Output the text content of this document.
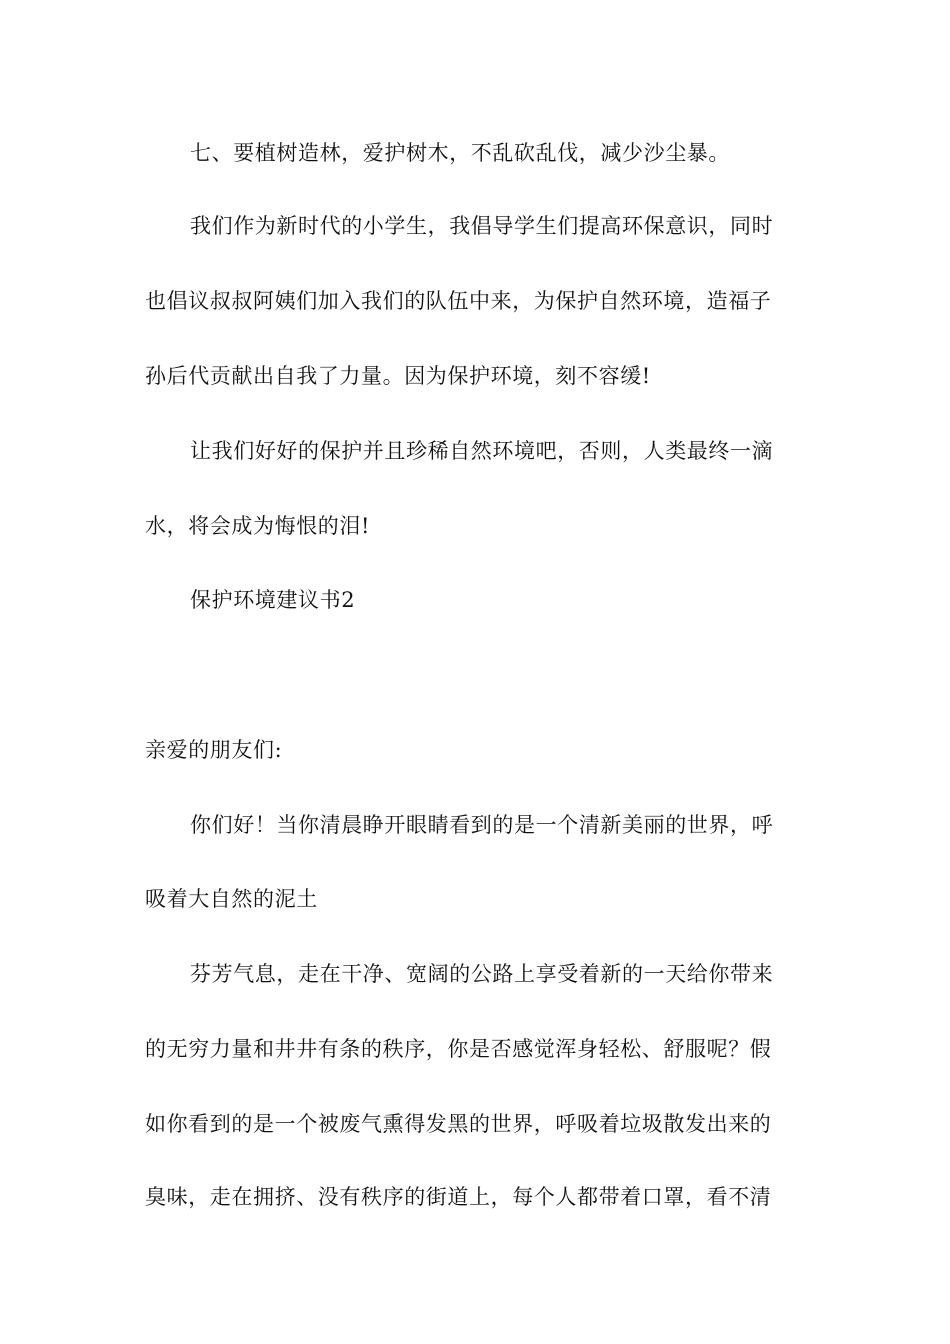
七、要植树造林，爱护树木，不乱砍乱伐，减少沙尘暴。
我们作为新时代的小学生，我倡导学生们提高环保意识，同时
也倡议叔叔阿姨们加入我们的队伍中来，为保护自然环境，造福子
孙后代贡献出自我了力量。因为保护环境，刻不容缓!
让我们好好的保护并且珍稀自然环境吧，否则，人类最终一滴
水，将会成为悔恨的泪!
保护环境建议书2
亲爱的朋友们:
你们好！当你清晨睁开眼睛看到的是一个清新美丽的世界，呼
吸着大自然的泥土
芬芳气息，走在干净、宽阔的公路上享受着新的一天给你带来
的无穷力量和井井有条的秩序，你是否感觉浑身轻松、舒服呢？假
如你看到的是一个被废气熏得发黑的世界，呼吸着垃圾散发出来的
臭味，走在拥挤、没有秩序的街道上，每个人都带着口罩，看不清
